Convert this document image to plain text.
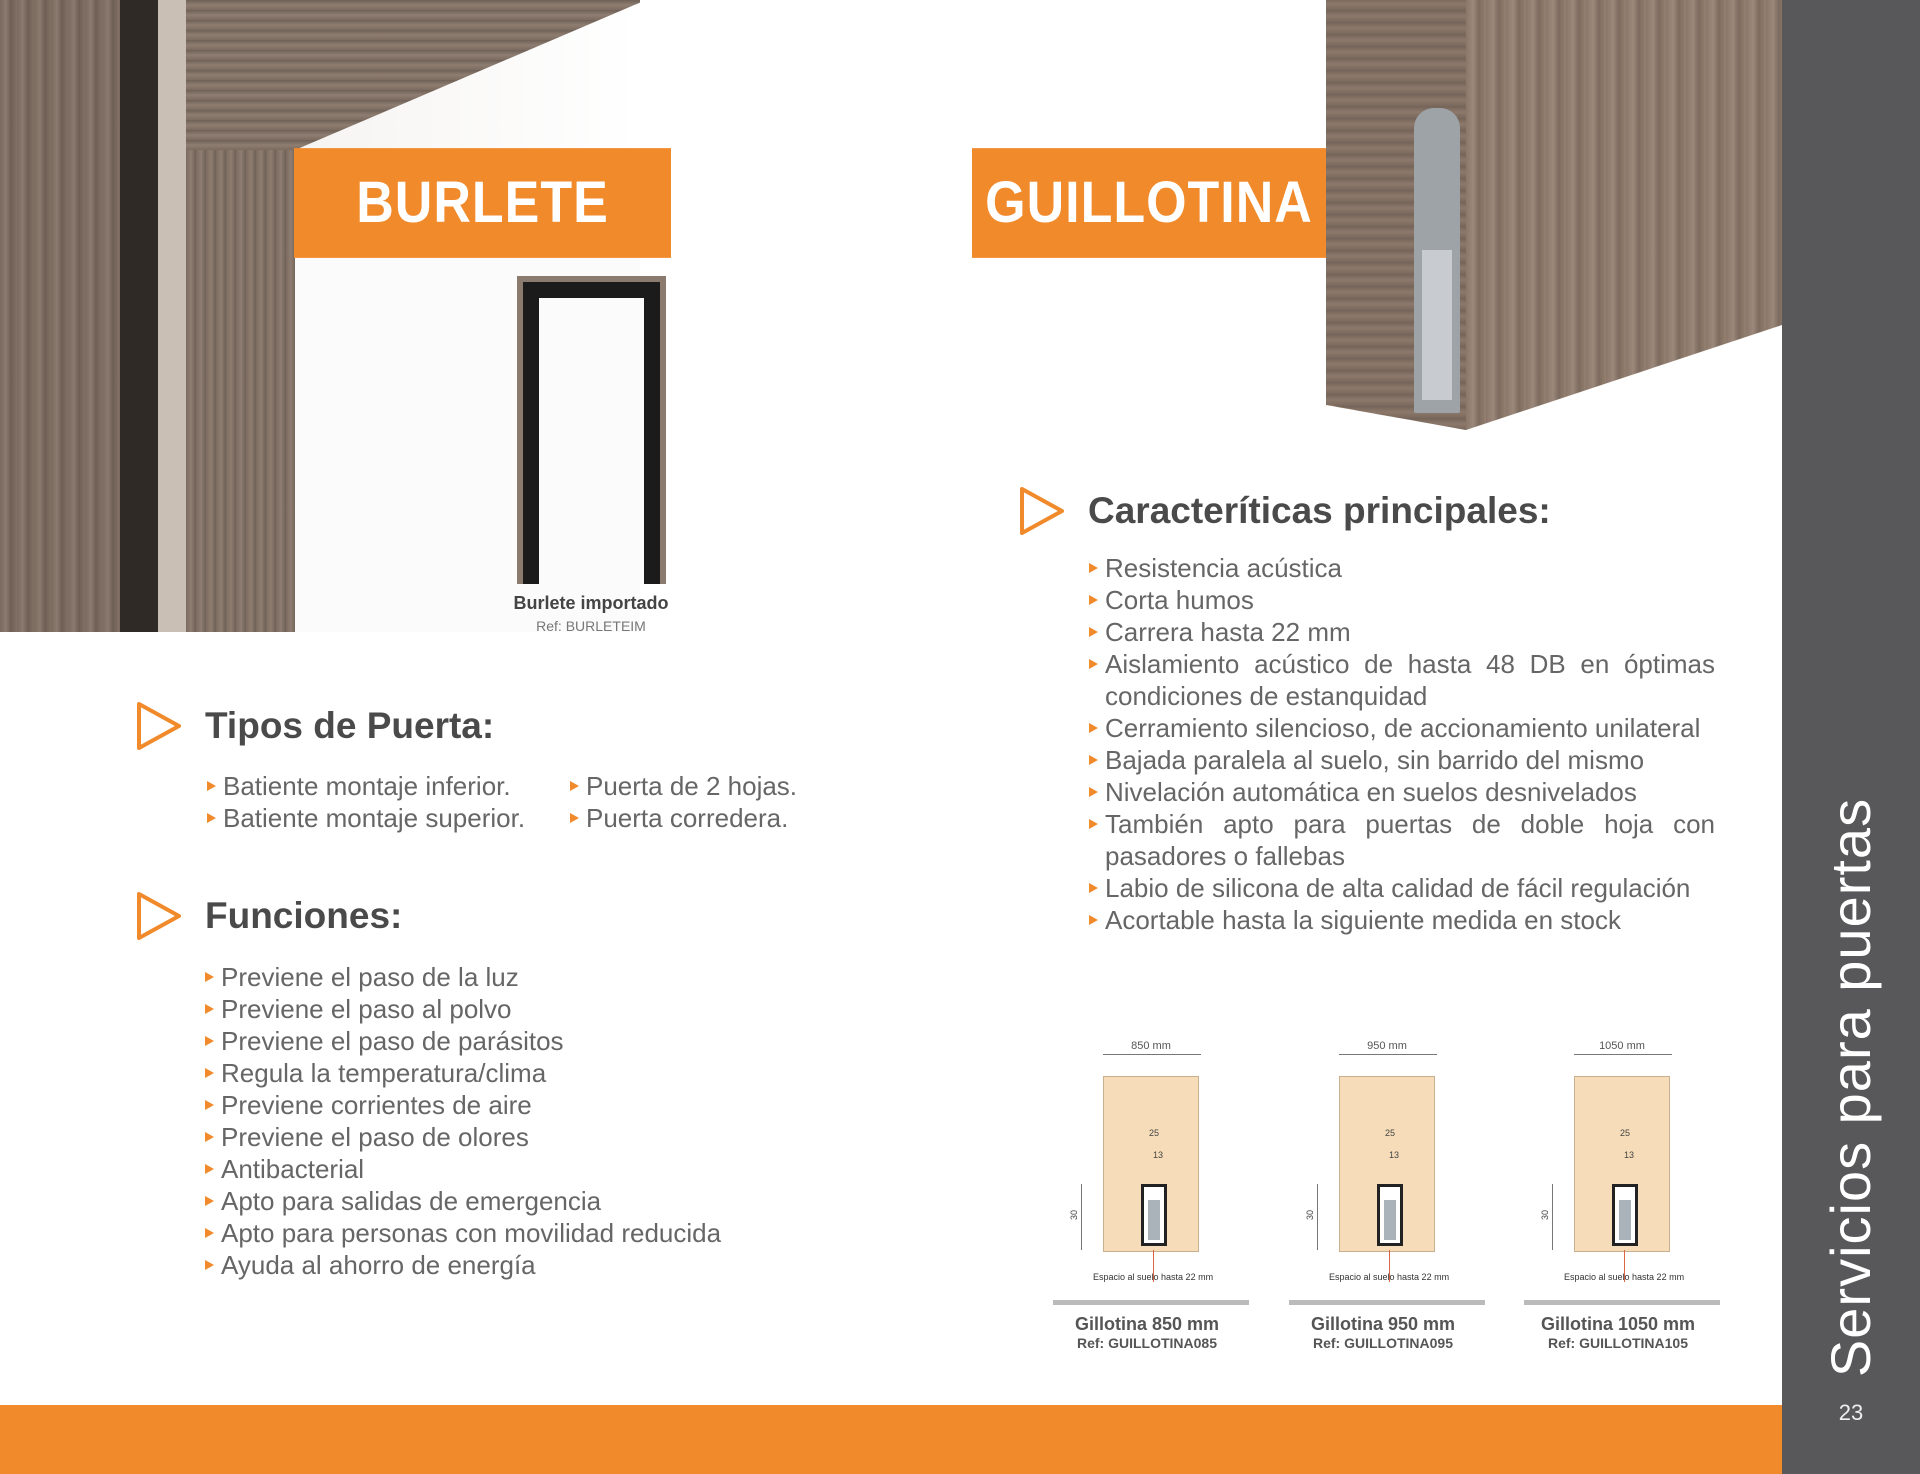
BURLETE	GUILLOTINA
Burlete importado
Ref: BURLETEIM
Tipos de Puerta:
Batiente montaje inferior.
Batiente montaje superior.
Puerta de 2 hojas.
Puerta corredera.
Funciones:
Previene el paso de la luz
Previene el paso al polvo
Previene el paso de parásitos
Regula la temperatura/clima
Previene corrientes de aire
Previene el paso de olores
Antibacterial
Apto para salidas de emergencia
Apto para personas con movilidad reducida
Ayuda al ahorro de energía
Caracteríticas principales:
Resistencia acústica
Corta humos
Carrera hasta 22 mm
Aislamiento acústico de hasta 48 DB en óptimas condiciones de estanquidad
Cerramiento silencioso, de accionamiento unilateral
Bajada paralela al suelo, sin barrido del mismo
Nivelación automática en suelos desnivelados
También apto para puertas de doble hoja con pasadores o fallebas
Labio de silicona de alta calidad de fácil regulación
Acortable hasta la siguiente medida en stock
850 mm
25
13
30
Espacio al suelo hasta 22 mm
950 mm
25
13
30
Espacio al suelo hasta 22 mm
1050 mm
25
13
30
Espacio al suelo hasta 22 mm
Gillotina 850 mm
Ref: GUILLOTINA085
Gillotina 950 mm
Ref: GUILLOTINA095
Gillotina 1050 mm
Ref: GUILLOTINA105	Servicios para puertas
23
